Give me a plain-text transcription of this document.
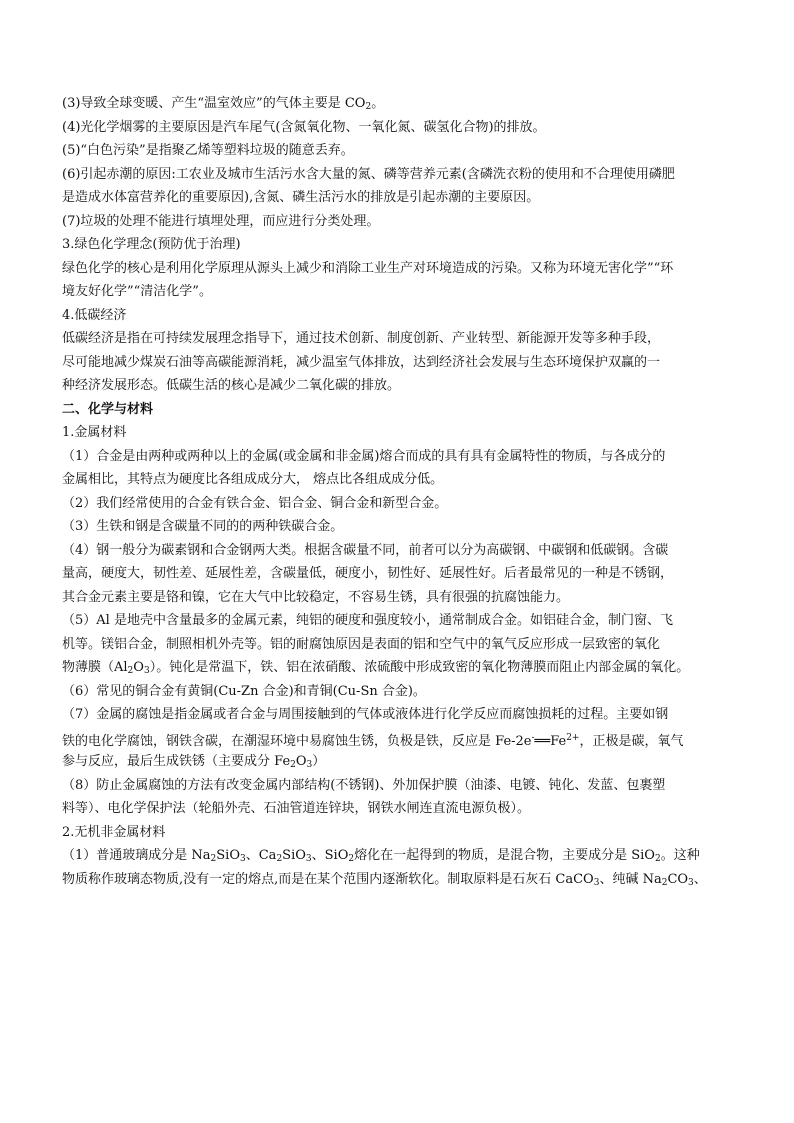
(3)导致全球变暖、产生“温室效应”的气体主要是 $CO_2$。
(4)光化学烟雾的主要原因是汽车尾气(含氮氧化物、一氧化氮、碳氢化合物)的排放。
(5)“白色污染”是指聚乙烯等塑料垃圾的随意丢弃。
(6)引起赤潮的原因:工农业及城市生活污水含大量的氮、磷等营养元素(含磷洗衣粉的使用和不合理使用磷肥
是造成水体富营养化的重要原因),含氮、磷生活污水的排放是引起赤潮的主要原因。
(7)垃圾的处理不能进行填埋处理，而应进行分类处理。
3.绿色化学理念(预防优于治理)
绿色化学的核心是利用化学原理从源头上减少和消除工业生产对环境造成的污染。又称为环境无害化学”“环
境友好化学”“清洁化学”。
4.低碳经济
低碳经济是指在可持续发展理念指导下，通过技术创新、制度创新、产业转型、新能源开发等多种手段，
尽可能地减少煤炭石油等高碳能源消耗，减少温室气体排放，达到经济社会发展与生态环境保护双赢的一
种经济发展形态。低碳生活的核心是减少二氧化碳的排放。
二、化学与材料
1.金属材料
（1）合金是由两种或两种以上的金属(或金属和非金属)熔合而成的具有具有金属特性的物质，与各成分的
金属相比，其特点为硬度比各组成成分大， 熔点比各组成成分低。
（2）我们经常使用的合金有铁合金、铝合金、铜合金和新型合金。
（3）生铁和钢是含碳量不同的的两种铁碳合金。
（4）钢一般分为碳素钢和合金钢两大类。根据含碳量不同，前者可以分为高碳钢、中碳钢和低碳钢。含碳
量高，硬度大，韧性差、延展性差，含碳量低，硬度小，韧性好、延展性好。后者最常见的一种是不锈钢，
其合金元素主要是铬和镍，它在大气中比较稳定，不容易生锈，具有很强的抗腐蚀能力。
（5）Al 是地壳中含量最多的金属元素，纯铝的硬度和强度较小，通常制成合金。如铝硅合金，制门窗、飞
机等。镁铝合金，制照相机外壳等。铝的耐腐蚀原因是表面的铝和空气中的氧气反应形成一层致密的氧化
物薄膜$(Al_2O_3)$。钝化是常温下，铁、铝在浓硝酸、浓硫酸中形成致密的氧化物薄膜而阻止内部金属的氧化。
（6）常见的铜合金有黄铜(Cu-Zn 合金)和青铜(Cu-Sn 合金)。
（7）金属的腐蚀是指金属或者合金与周围接触到的气体或液体进行化学反应而腐蚀损耗的过程。主要如钢
铁的电化学腐蚀，钢铁含碳，在潮湿环境中易腐蚀生锈，负极是铁，反应是 $Fe-2e^-══Fe^{2+}$，正极是碳，氧气
参与反应，最后生成铁锈（主要成分 $Fe_2O_3$）
（8）防止金属腐蚀的方法有改变金属内部结构(不锈钢)、外加保护膜（油漆、电镀、钝化、发蓝、包裹塑
料等）、电化学保护法（轮船外壳、石油管道连锌块，钢铁水闸连直流电源负极）。
2.无机非金属材料
（1）普通玻璃成分是 $Na_2SiO_3$、$Ca_2SiO_3$、SiO$_2$熔化在一起得到的物质，是混合物，主要成分是 SiO$_2$。这种
物质称作玻璃态物质,没有一定的熔点,而是在某个范围内逐渐软化。制取原料是石灰石 CaCO$_3$、纯碱 $Na_2CO_3$、
